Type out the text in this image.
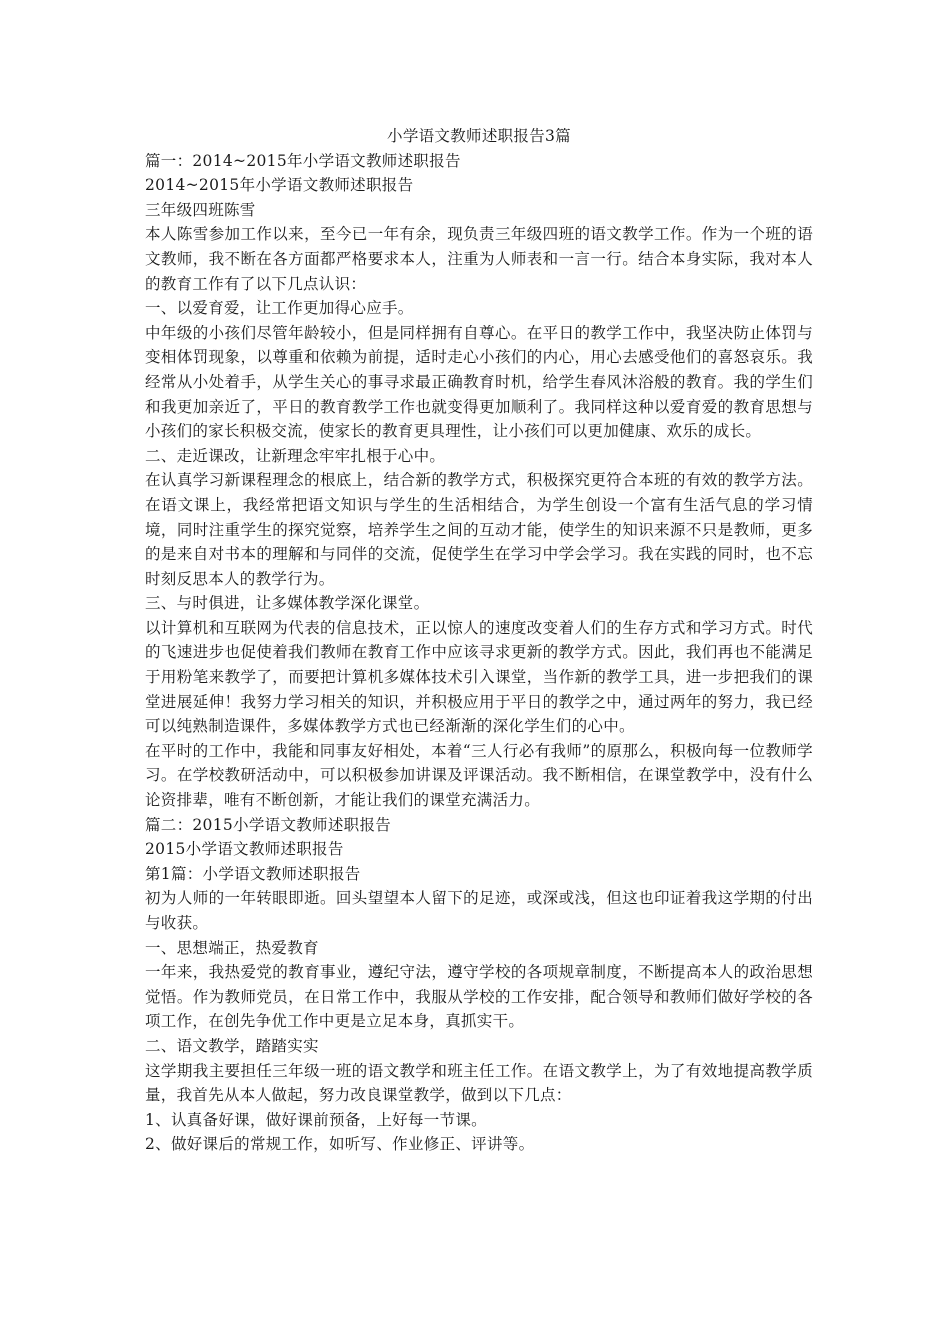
小学语文教师述职报告3篇

篇一：2014~2015年小学语文教师述职报告

2014~2015年小学语文教师述职报告

三年级四班陈雪

本人陈雪参加工作以来，至今已一年有余，现负责三年级四班的语文教学工作。作为一个班的语文教师，我不断在各方面都严格要求本人，注重为人师表和一言一行。结合本身实际，我对本人的教育工作有了以下几点认识：

一、以爱育爱，让工作更加得心应手。

中年级的小孩们尽管年龄较小，但是同样拥有自尊心。在平日的教学工作中，我坚决防止体罚与变相体罚现象，以尊重和依赖为前提，适时走心小孩们的内心，用心去感受他们的喜怒哀乐。我经常从小处着手，从学生关心的事寻求最正确教育时机，给学生春风沐浴般的教育。我的学生们和我更加亲近了，平日的教育教学工作也就变得更加顺利了。我同样这种以爱育爱的教育思想与小孩们的家长积极交流，使家长的教育更具理性，让小孩们可以更加健康、欢乐的成长。

二、走近课改，让新理念牢牢扎根于心中。

在认真学习新课程理念的根底上，结合新的教学方式，积极探究更符合本班的有效的教学方法。在语文课上，我经常把语文知识与学生的生活相结合，为学生创设一个富有生活气息的学习情境，同时注重学生的探究觉察，培养学生之间的互动才能，使学生的知识来源不只是教师，更多的是来自对书本的理解和与同伴的交流，促使学生在学习中学会学习。我在实践的同时，也不忘时刻反思本人的教学行为。

三、与时俱进，让多媒体教学深化课堂。

以计算机和互联网为代表的信息技术，正以惊人的速度改变着人们的生存方式和学习方式。时代的飞速进步也促使着我们教师在教育工作中应该寻求更新的教学方式。因此，我们再也不能满足于用粉笔来教学了，而要把计算机多媒体技术引入课堂，当作新的教学工具，进一步把我们的课堂进展延伸！我努力学习相关的知识，并积极应用于平日的教学之中，通过两年的努力，我已经可以纯熟制造课件，多媒体教学方式也已经渐渐的深化学生们的心中。

在平时的工作中，我能和同事友好相处，本着“三人行必有我师”的原那么，积极向每一位教师学习。在学校教研活动中，可以积极参加讲课及评课活动。我不断相信，在课堂教学中，没有什么论资排辈，唯有不断创新，才能让我们的课堂充满活力。

篇二：2015小学语文教师述职报告

2015小学语文教师述职报告

第1篇：小学语文教师述职报告

初为人师的一年转眼即逝。回头望望本人留下的足迹，或深或浅，但这也印证着我这学期的付出与收获。

一、思想端正，热爱教育

一年来，我热爱党的教育事业，遵纪守法，遵守学校的各项规章制度，不断提高本人的政治思想觉悟。作为教师党员，在日常工作中，我服从学校的工作安排，配合领导和教师们做好学校的各项工作，在创先争优工作中更是立足本身，真抓实干。

二、语文教学，踏踏实实

这学期我主要担任三年级一班的语文教学和班主任工作。在语文教学上，为了有效地提高教学质量，我首先从本人做起，努力改良课堂教学，做到以下几点：

1、认真备好课，做好课前预备，上好每一节课。

2、做好课后的常规工作，如听写、作业修正、评讲等。
